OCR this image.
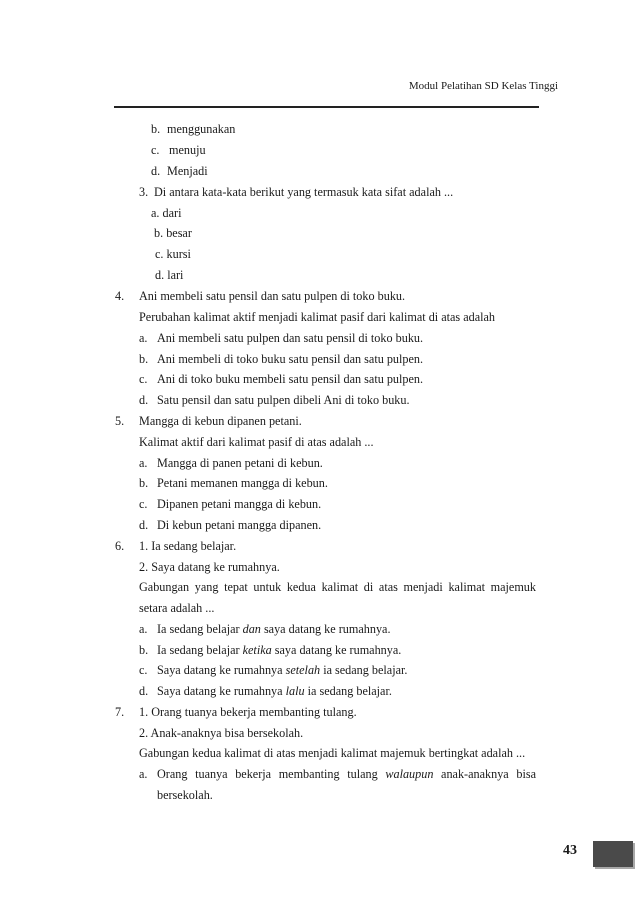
Modul Pelatihan SD Kelas Tinggi
b. menggunakan
c. menuju
d. Menjadi
3. Di antara kata-kata berikut yang termasuk kata sifat adalah ...
a. dari
b. besar
c. kursi
d. lari
4. Ani membeli satu pensil dan satu pulpen di toko buku.
Perubahan kalimat aktif menjadi kalimat pasif dari kalimat di atas adalah
a. Ani membeli satu pulpen dan satu pensil di toko buku.
b. Ani membeli di toko buku satu pensil dan satu pulpen.
c. Ani di toko buku membeli satu pensil dan satu pulpen.
d. Satu pensil dan satu pulpen dibeli Ani di toko buku.
5. Mangga di kebun dipanen petani.
Kalimat aktif dari kalimat pasif di atas adalah ...
a. Mangga di panen petani di kebun.
b. Petani memanen mangga di kebun.
c. Dipanen petani mangga di kebun.
d. Di kebun petani mangga dipanen.
6. 1. Ia sedang belajar.
2. Saya datang ke rumahnya.
Gabungan yang tepat untuk kedua kalimat di atas menjadi kalimat majemuk
setara adalah ...
a. Ia sedang belajar dan saya datang ke rumahnya.
b. Ia sedang belajar ketika saya datang ke rumahnya.
c. Saya datang ke rumahnya setelah ia sedang belajar.
d. Saya datang ke rumahnya lalu ia sedang belajar.
7. 1. Orang tuanya bekerja membanting tulang.
2. Anak-anaknya bisa bersekolah.
Gabungan kedua kalimat di atas menjadi kalimat majemuk bertingkat adalah ...
a. Orang tuanya bekerja membanting tulang walaupun anak-anaknya bisa
bersekolah.
43
